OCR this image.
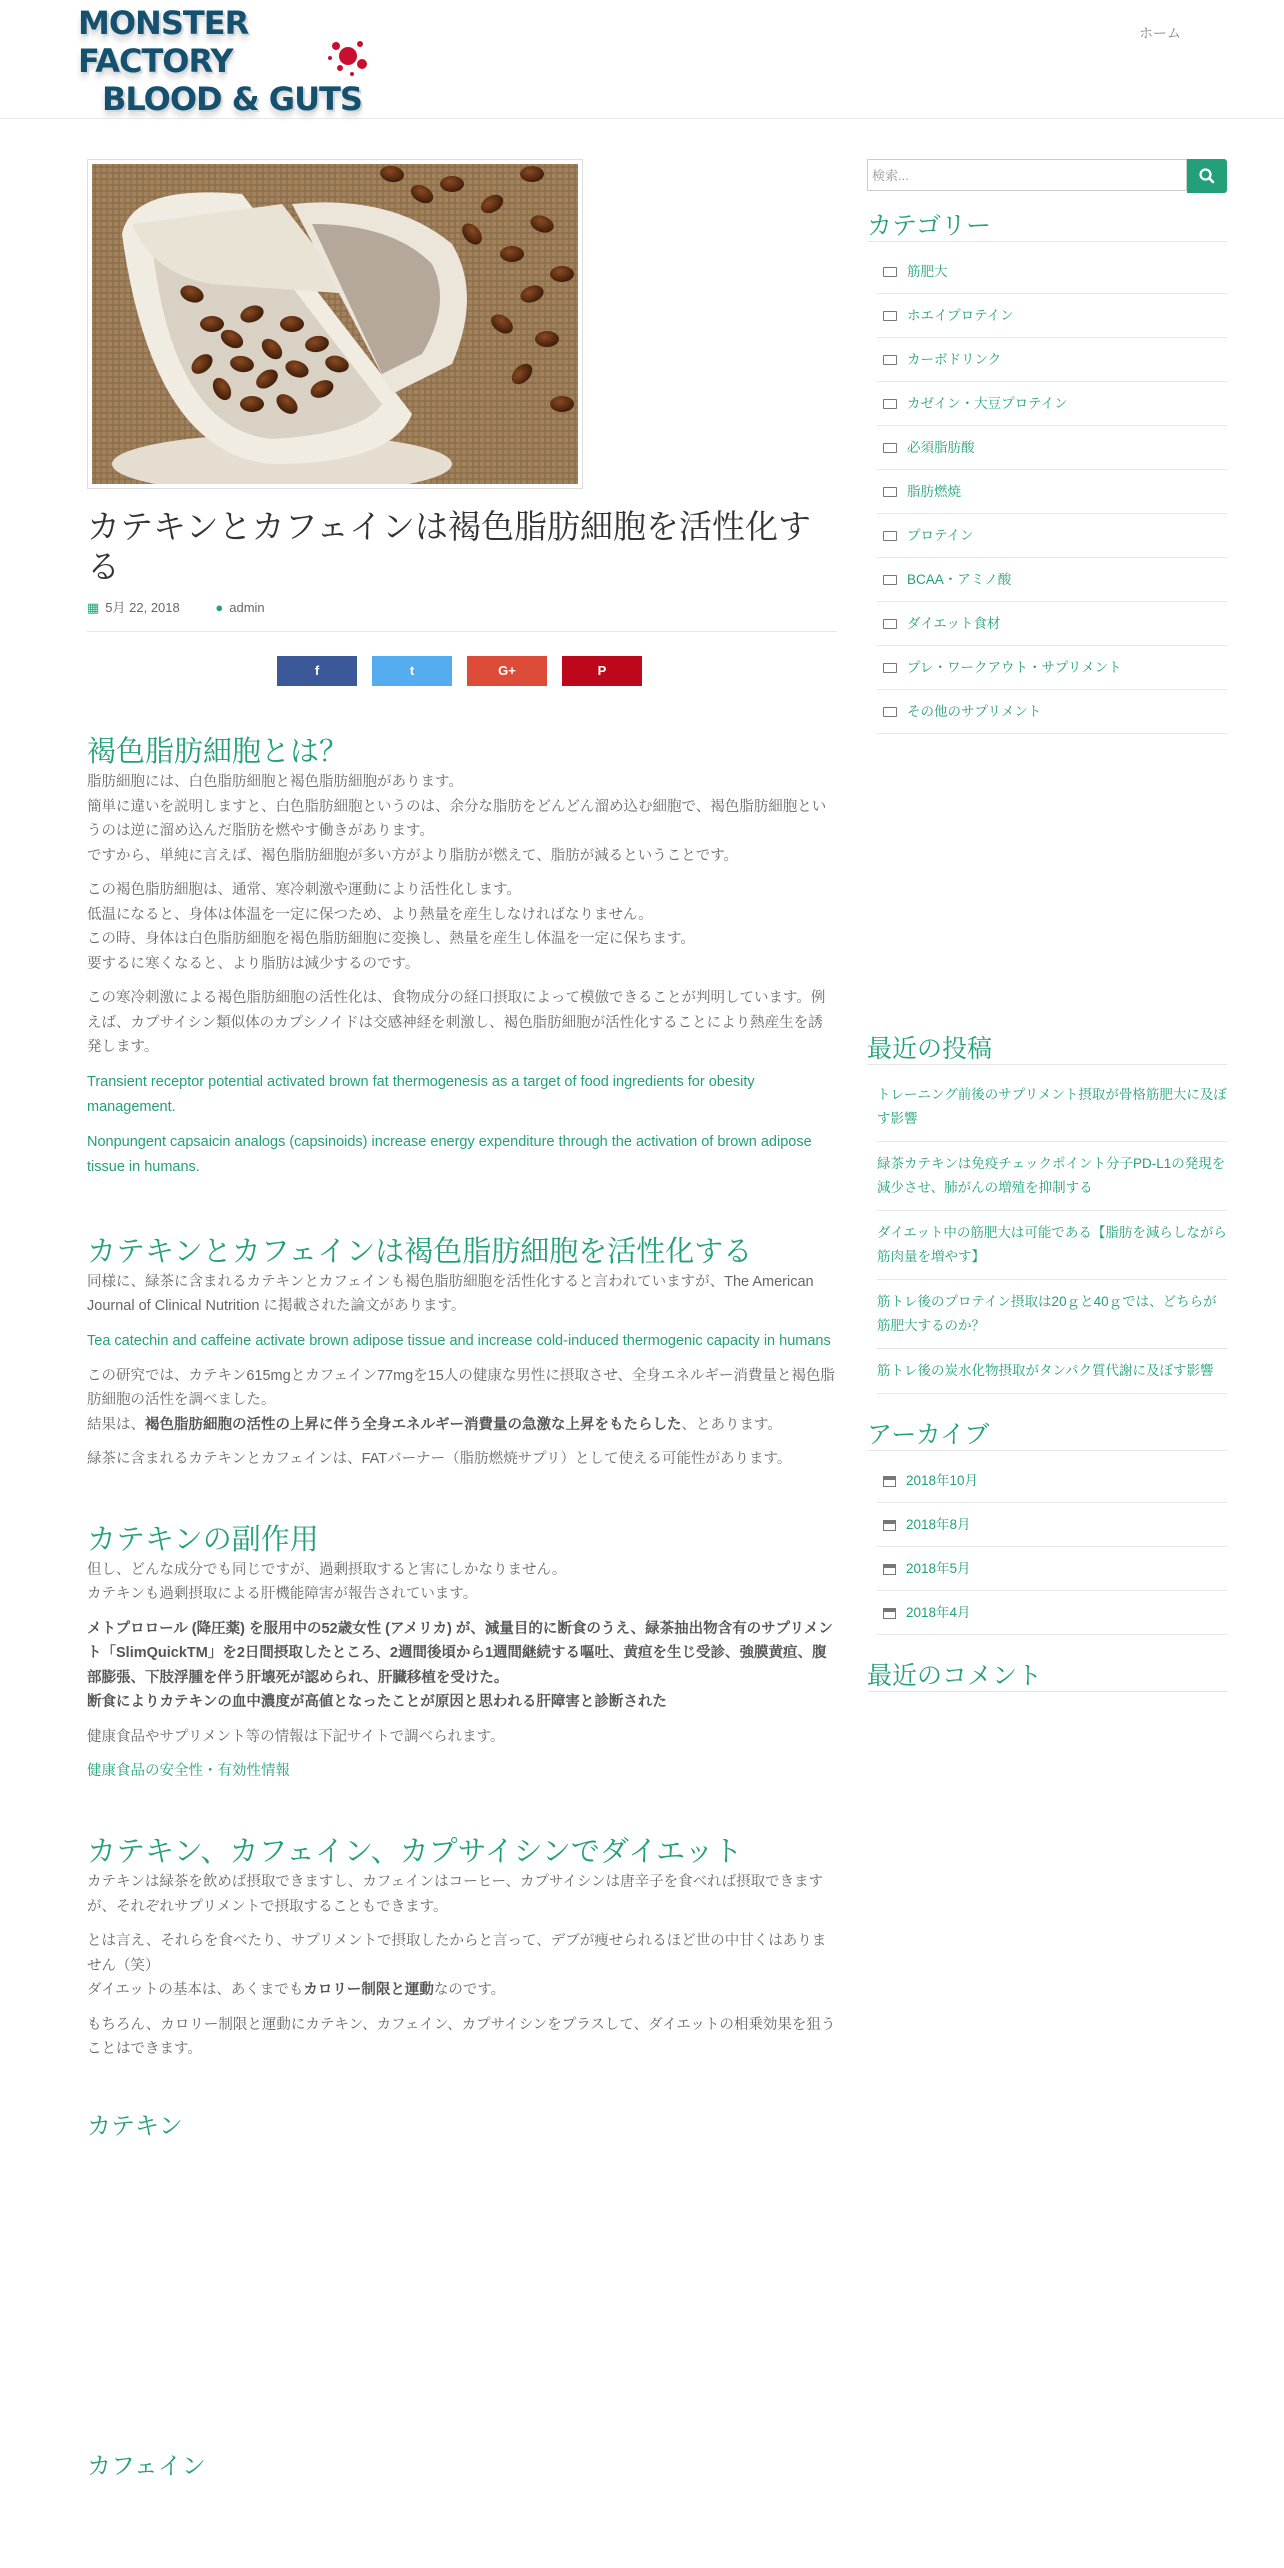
MONSTER FACTORY
BLOOD & GUTS
ホーム
カテキンとカフェインは褐色脂肪細胞を活性化する
▦ 5月 22, 2018	● admin
f	t	G+	P
褐色脂肪細胞とは？

脂肪細胞には、白色脂肪細胞と褐色脂肪細胞があります。
簡単に違いを説明しますと、白色脂肪細胞というのは、余分な脂肪をどんどん溜め込む細胞で、褐色脂肪細胞というのは逆に溜め込んだ脂肪を燃やす働きがあります。
ですから、単純に言えば、褐色脂肪細胞が多い方がより脂肪が燃えて、脂肪が減るということです。

この褐色脂肪細胞は、通常、寒冷刺激や運動により活性化します。
低温になると、身体は体温を一定に保つため、より熱量を産生しなければなりません。
この時、身体は白色脂肪細胞を褐色脂肪細胞に変換し、熱量を産生し体温を一定に保ちます。
要するに寒くなると、より脂肪は減少するのです。

この寒冷刺激による褐色脂肪細胞の活性化は、食物成分の経口摂取によって模倣できることが判明しています。例えば、カプサイシン類似体のカプシノイドは交感神経を刺激し、褐色脂肪細胞が活性化することにより熱産生を誘発します。

Transient receptor potential activated brown fat thermogenesis as a target of food ingredients for obesity management.

Nonpungent capsaicin analogs (capsinoids) increase energy expenditure through the activation of brown adipose tissue in humans.

カテキンとカフェインは褐色脂肪細胞を活性化する

同様に、緑茶に含まれるカテキンとカフェインも褐色脂肪細胞を活性化すると言われていますが、The American Journal of Clinical Nutrition に掲載された論文があります。

Tea catechin and caffeine activate brown adipose tissue and increase cold-induced thermogenic capacity in humans

この研究では、カテキン615mgとカフェイン77mgを15人の健康な男性に摂取させ、全身エネルギー消費量と褐色脂肪細胞の活性を調べました。
結果は、褐色脂肪細胞の活性の上昇に伴う全身エネルギー消費量の急激な上昇をもたらした、とあります。

緑茶に含まれるカテキンとカフェインは、FATバーナー（脂肪燃焼サプリ）として使える可能性があります。

カテキンの副作用

但し、どんな成分でも同じですが、過剰摂取すると害にしかなりません。
カテキンも過剰摂取による肝機能障害が報告されています。

メトプロロール (降圧薬) を服用中の52歳女性 (アメリカ) が、減量目的に断食のうえ、緑茶抽出物含有のサプリメント「SlimQuickTM」を2日間摂取したところ、2週間後頃から1週間継続する嘔吐、黄疸を生じ受診、強膜黄疸、腹部膨張、下肢浮腫を伴う肝壊死が認められ、肝臓移植を受けた。
断食によりカテキンの血中濃度が高値となったことが原因と思われる肝障害と診断された

健康食品やサプリメント等の情報は下記サイトで調べられます。

健康食品の安全性・有効性情報

カテキン、カフェイン、カプサイシンでダイエット

カテキンは緑茶を飲めば摂取できますし、カフェインはコーヒー、カプサイシンは唐辛子を食べれば摂取できますが、それぞれサプリメントで摂取することもできます。

とは言え、それらを食べたり、サプリメントで摂取したからと言って、デブが痩せられるほど世の中甘くはありません（笑）
ダイエットの基本は、あくまでもカロリー制限と運動なのです。

もちろん、カロリー制限と運動にカテキン、カフェイン、カプサイシンをプラスして、ダイエットの相乗効果を狙うことはできます。

カテキン
カフェイン
検索...
カテゴリー
筋肥大
ホエイプロテイン
カーボドリンク
カゼイン・大豆プロテイン
必須脂肪酸
脂肪燃焼
プロテイン
BCAA・アミノ酸
ダイエット食材
プレ・ワークアウト・サプリメント
その他のサプリメント
最近の投稿
トレーニング前後のサプリメント摂取が骨格筋肥大に及ぼす影響
緑茶カテキンは免疫チェックポイント分子PD-L1の発現を減少させ、肺がんの増殖を抑制する
ダイエット中の筋肥大は可能である【脂肪を減らしながら筋肉量を増やす】
筋トレ後のプロテイン摂取は20ｇと40ｇでは、どちらが筋肥大するのか？
筋トレ後の炭水化物摂取がタンパク質代謝に及ぼす影響
アーカイブ
2018年10月
2018年8月
2018年5月
2018年4月
最近のコメント
